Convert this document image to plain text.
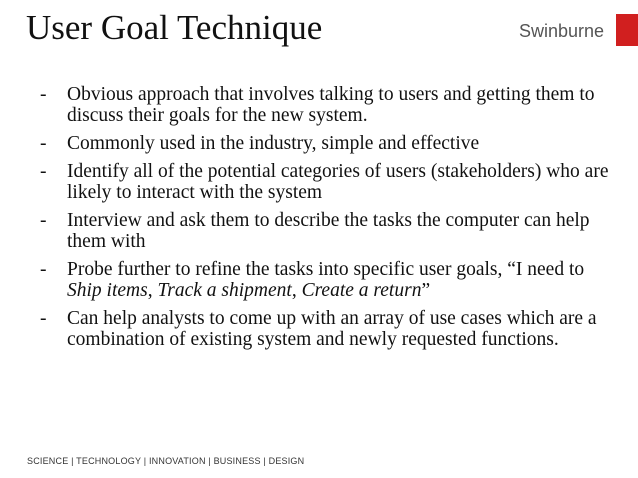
User Goal Technique	Swinburne
- Obvious approach that involves talking to users and getting them to discuss their goals for the new system.
- Commonly used in the industry, simple and effective
- Identify all of the potential categories of users (stakeholders) who are likely to interact with the system
- Interview and ask them to describe the tasks the computer can help them with
- Probe further to refine the tasks into specific user goals, “I need to Ship items, Track a shipment, Create a return”
- Can help analysts to come up with an array of use cases which are a combination of existing system and newly requested functions.
SCIENCE | TECHNOLOGY | INNOVATION | BUSINESS | DESIGN
